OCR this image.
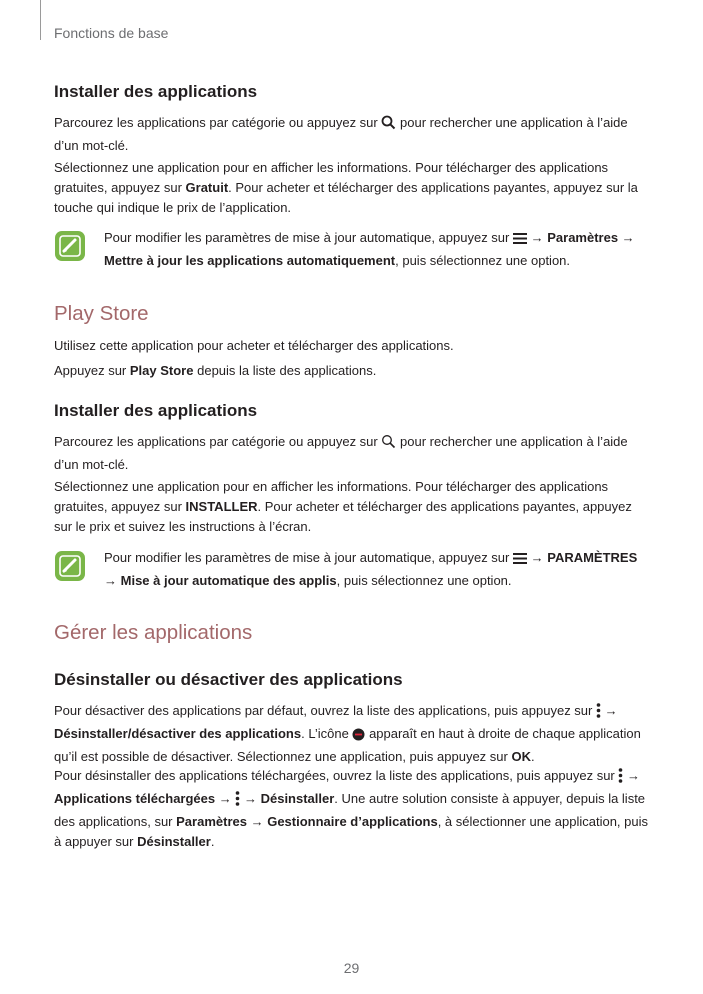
Fonctions de base
Installer des applications

Parcourez les applications par catégorie ou appuyez sur pour rechercher une application à l’aide d’un mot-clé.

Sélectionnez une application pour en afficher les informations. Pour télécharger des applications gratuites, appuyez sur Gratuit. Pour acheter et télécharger des applications payantes, appuyez sur la touche qui indique le prix de l’application.

Pour modifier les paramètres de mise à jour automatique, appuyez sur  → Paramètres → Mettre à jour les applications automatiquement, puis sélectionnez une option.

Play Store

Utilisez cette application pour acheter et télécharger des applications.

Appuyez sur Play Store depuis la liste des applications.

Installer des applications

Parcourez les applications par catégorie ou appuyez sur pour rechercher une application à l’aide d’un mot-clé.

Sélectionnez une application pour en afficher les informations. Pour télécharger des applications gratuites, appuyez sur INSTALLER. Pour acheter et télécharger des applications payantes, appuyez sur le prix et suivez les instructions à l’écran.

Pour modifier les paramètres de mise à jour automatique, appuyez sur  → PARAMÈTRES
→ Mise à jour automatique des applis, puis sélectionnez une option.

Gérer les applications
Désinstaller ou désactiver des applications

Pour désactiver des applications par défaut, ouvrez la liste des applications, puis appuyez sur  → Désinstaller/désactiver des applications. L’icône apparaît en haut à droite de chaque application qu’il est possible de désactiver. Sélectionnez une application, puis appuyez sur OK.

Pour désinstaller des applications téléchargées, ouvrez la liste des applications, puis appuyez sur  → Applications téléchargées →  → Désinstaller. Une autre solution consiste à appuyer, depuis la liste des applications, sur Paramètres → Gestionnaire d’applications, à sélectionner une application, puis à appuyer sur Désinstaller.

29
